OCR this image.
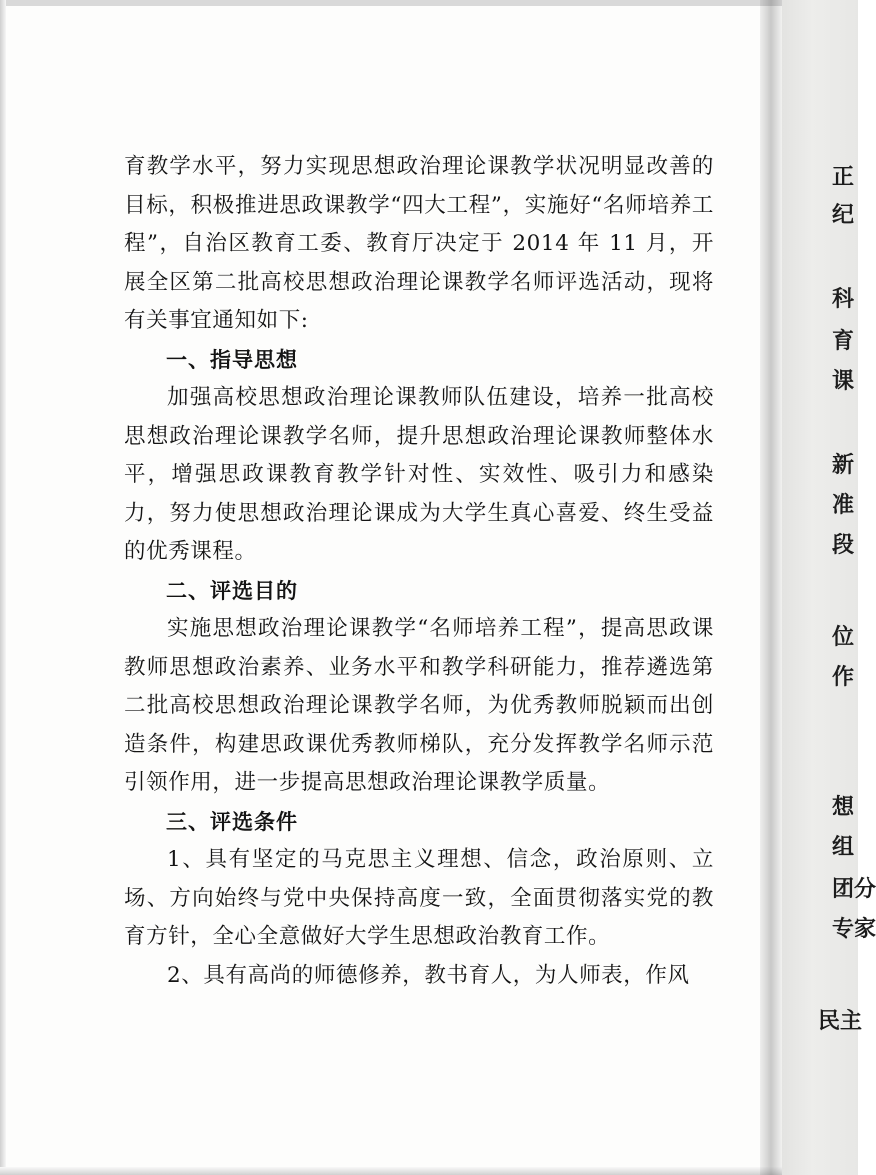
正
纪
科
育
课
新
准
段
位
作
想
组
团分
专家
民主

育教学水平，努力实现思想政治理论课教学状况明显改善的目标，积极推进思政课教学“四大工程”，实施好“名师培养工程”，自治区教育工委、教育厅决定于 2014 年 11 月，开展全区第二批高校思想政治理论课教学名师评选活动，现将有关事宜通知如下:

一、指导思想

加强高校思想政治理论课教师队伍建设，培养一批高校思想政治理论课教学名师，提升思想政治理论课教师整体水平，增强思政课教育教学针对性、实效性、吸引力和感染力，努力使思想政治理论课成为大学生真心喜爱、终生受益的优秀课程。

二、评选目的

实施思想政治理论课教学“名师培养工程”，提高思政课教师思想政治素养、业务水平和教学科研能力，推荐遴选第二批高校思想政治理论课教学名师，为优秀教师脱颖而出创造条件，构建思政课优秀教师梯队，充分发挥教学名师示范引领作用，进一步提高思想政治理论课教学质量。

三、评选条件

1、具有坚定的马克思主义理想、信念，政治原则、立场、方向始终与党中央保持高度一致，全面贯彻落实党的教育方针，全心全意做好大学生思想政治教育工作。

2、具有高尚的师德修养，教书育人，为人师表，作风
